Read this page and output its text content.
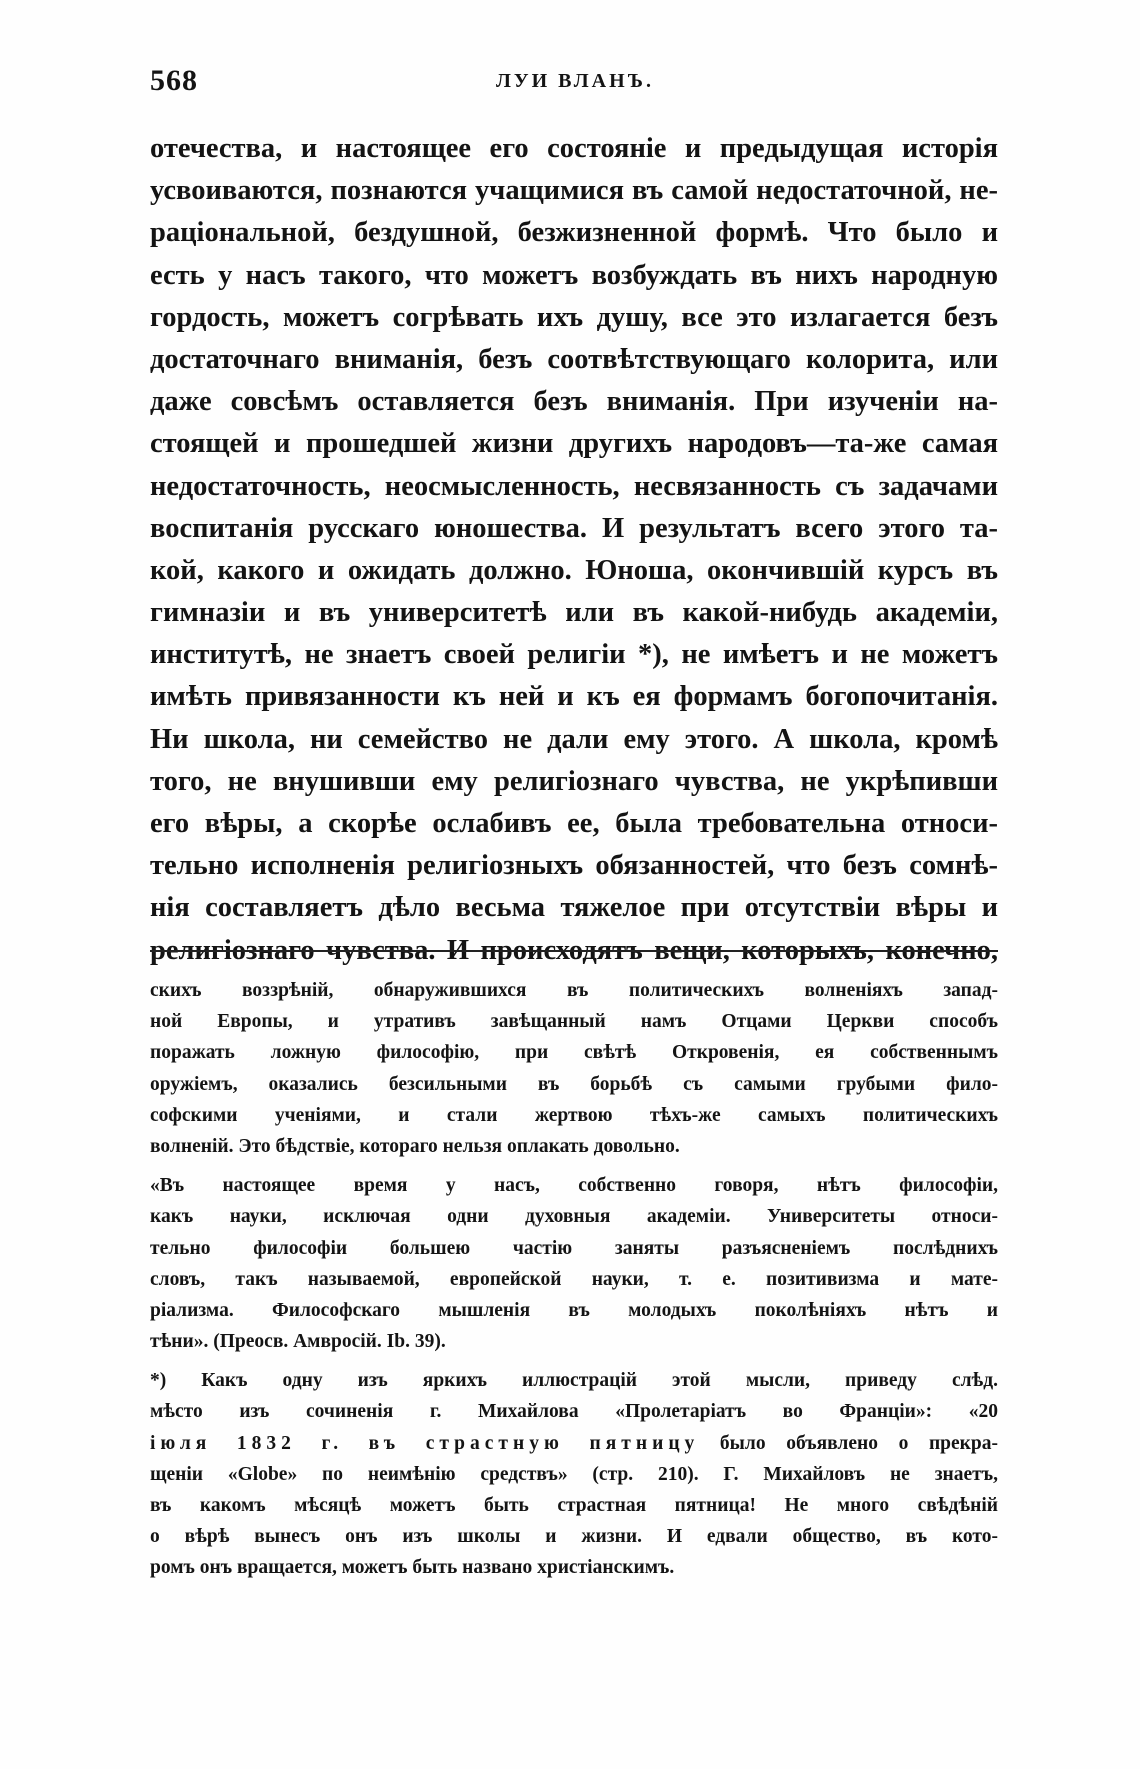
568	ЛУИ ВЛАНЪ.
отечества, и настоящее его состояніе и предыдущая исторія
усвоиваются, познаются учащимися въ самой недостаточной, не-
раціональной, бездушной, безжизненной формѣ. Что было и
есть у насъ такого, что можетъ возбуждать въ нихъ народную
гордость, можетъ согрѣвать ихъ душу, все это излагается безъ
достаточнаго вниманія, безъ соотвѣтствующаго колорита, или
даже совсѣмъ оставляется безъ вниманія. При изученіи на-
стоящей и прошедшей жизни другихъ народовъ—та-же самая
недостаточность, неосмысленность, несвязанность съ задачами
воспитанія русскаго юношества. И результатъ всего этого та-
кой, какого и ожидать должно. Юноша, окончившій курсъ въ
гимназіи и въ университетѣ или въ какой-нибудь академіи,
институтѣ, не знаетъ своей религіи *), не имѣетъ и не можетъ
имѣть привязанности къ ней и къ ея формамъ богопочитанія.
Ни школа, ни семейство не дали ему этого. А школа, кромѣ
того, не внушивши ему религіознаго чувства, не укрѣпивши
его вѣры, а скорѣе ослабивъ ее, была требовательна относи-
тельно исполненія религіозныхъ обязанностей, что безъ сомнѣ-
нія составляетъ дѣло весьма тяжелое при отсутствіи вѣры и
религіознаго чувства. И происходятъ вещи, которыхъ, конечно,
скихъ воззрѣній, обнаружившихся въ политическихъ волненіяхъ запад-
ной Европы, и утративъ завѣщанный намъ Отцами Церкви способъ
поражать ложную философію, при свѣтѣ Откровенія, ея собственнымъ
оружіемъ, оказались безсильными въ борьбѣ съ самыми грубыми фило-
софскими ученіями, и стали жертвою тѣхъ-же самыхъ политическихъ
волненій. Это бѣдствіе, котораго нельзя оплакать довольно.
«Въ настоящее время у насъ, собственно говоря, нѣтъ философіи,
какъ науки, исключая одни духовныя академіи. Университеты относи-
тельно философіи большею частію заняты разъясненіемъ послѣднихъ
словъ, такъ называемой, европейской науки, т. е. позитивизма и мате-
ріализма. Философскаго мышленія въ молодыхъ поколѣніяхъ нѣтъ и
тѣни». (Преосв. Амвросій. Ib. 39).
*) Какъ одну изъ яркихъ иллюстрацій этой мысли, приведу слѣд.
мѣсто изъ сочиненія г. Михайлова «Пролетаріатъ во Франціи»: «20
іюля 1832 г. въ страстную пятницу было объявлено о прекра-
щеніи «Globe» по неимѣнію средствъ» (стр. 210). Г. Михайловъ не знаетъ,
въ какомъ мѣсяцѣ можетъ быть страстная пятница! Не много свѣдѣній
о вѣрѣ вынесъ онъ изъ школы и жизни. И едвали общество, въ кото-
ромъ онъ вращается, можетъ быть названо христіанскимъ.
